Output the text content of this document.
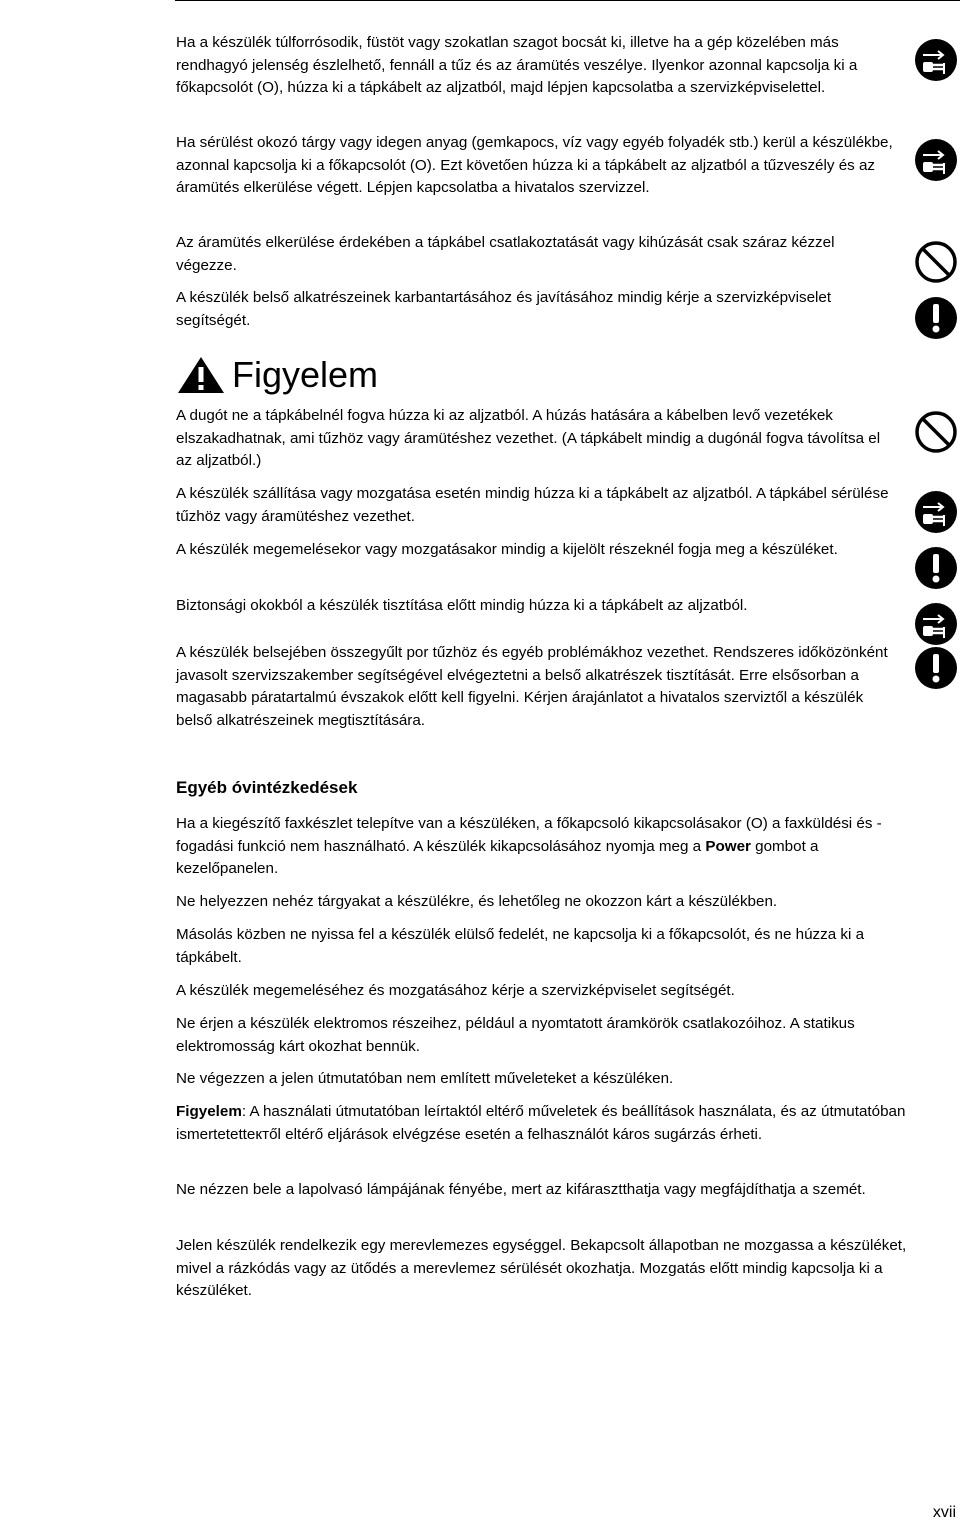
Ha a készülék túlforrósodik, füstöt vagy szokatlan szagot bocsát ki, illetve ha a gép közelében más rendhagyó jelenség észlelhető, fennáll a tűz és az áramütés veszélye. Ilyenkor azonnal kapcsolja ki a főkapcsolót (O), húzza ki a tápkábelt az aljzatból, majd lépjen kapcsolatba a szervizképviselettel.

Ha sérülést okozó tárgy vagy idegen anyag (gemkapocs, víz vagy egyéb folyadék stb.) kerül a készülékbe, azonnal kapcsolja ki a főkapcsolót (O). Ezt követően húzza ki a tápkábelt az aljzatból a tűzveszély és az áramütés elkerülése végett. Lépjen kapcsolatba a hivatalos szervizzel.

Az áramütés elkerülése érdekében a tápkábel csatlakoztatását vagy kihúzását csak száraz kézzel végezze.

A készülék belső alkatrészeinek karbantartásához és javításához mindig kérje a szervizképviselet segítségét.

Figyelem

A dugót ne a tápkábelnél fogva húzza ki az aljzatból. A húzás hatására a kábelben levő vezetékek elszakadhatnak, ami tűzhöz vagy áramütéshez vezethet. (A tápkábelt mindig a dugónál fogva távolítsa el az aljzatból.)

A készülék szállítása vagy mozgatása esetén mindig húzza ki a tápkábelt az aljzatból. A tápkábel sérülése tűzhöz vagy áramütéshez vezethet.

A készülék megemelésekor vagy mozgatásakor mindig a kijelölt részeknél fogja meg a készüléket.

Biztonsági okokból a készülék tisztítása előtt mindig húzza ki a tápkábelt az aljzatból.

A készülék belsejében összegyűlt por tűzhöz és egyéb problémákhoz vezethet. Rendszeres időközönként javasolt szervizszakember segítségével elvégeztetni a belső alkatrészek tisztítását. Erre elsősorban a magasabb páratartalmú évszakok előtt kell figyelni. Kérjen árajánlatot a hivatalos szerviztől a készülék belső alkatrészeinek megtisztítására.

Egyéb óvintézkedések

Ha a kiegészítő faxkészlet telepítve van a készüléken, a főkapcsoló kikapcsolásakor (O) a faxküldési és -fogadási funkció nem használható. A készülék kikapcsolásához nyomja meg a Power gombot a kezelőpanelen.

Ne helyezzen nehéz tárgyakat a készülékre, és lehetőleg ne okozzon kárt a készülékben.

Másolás közben ne nyissa fel a készülék elülső fedelét, ne kapcsolja ki a főkapcsolót, és ne húzza ki a tápkábelt.

A készülék megemeléséhez és mozgatásához kérje a szervizképviselet segítségét.

Ne érjen a készülék elektromos részeihez, például a nyomtatott áramkörök csatlakozóihoz. A statikus elektromosság kárt okozhat bennük.

Ne végezzen a jelen útmutatóban nem említett műveleteket a készüléken.

Figyelem: A használati útmutatóban leírtaktól eltérő műveletek és beállítások használata, és az útmutatóban ismertetetteктől eltérő eljárások elvégzése esetén a felhasználót káros sugárzás érheti.

Ne nézzen bele a lapolvasó lámpájának fényébe, mert az kifárasztthatja vagy megfájdíthatja a szemét.

Jelen készülék rendelkezik egy merevlemezes egységgel. Bekapcsolt állapotban ne mozgassa a készüléket, mivel a rázkódás vagy az ütődés a merevlemez sérülését okozhatja. Mozgatás előtt mindig kapcsolja ki a készüléket.

xvii
